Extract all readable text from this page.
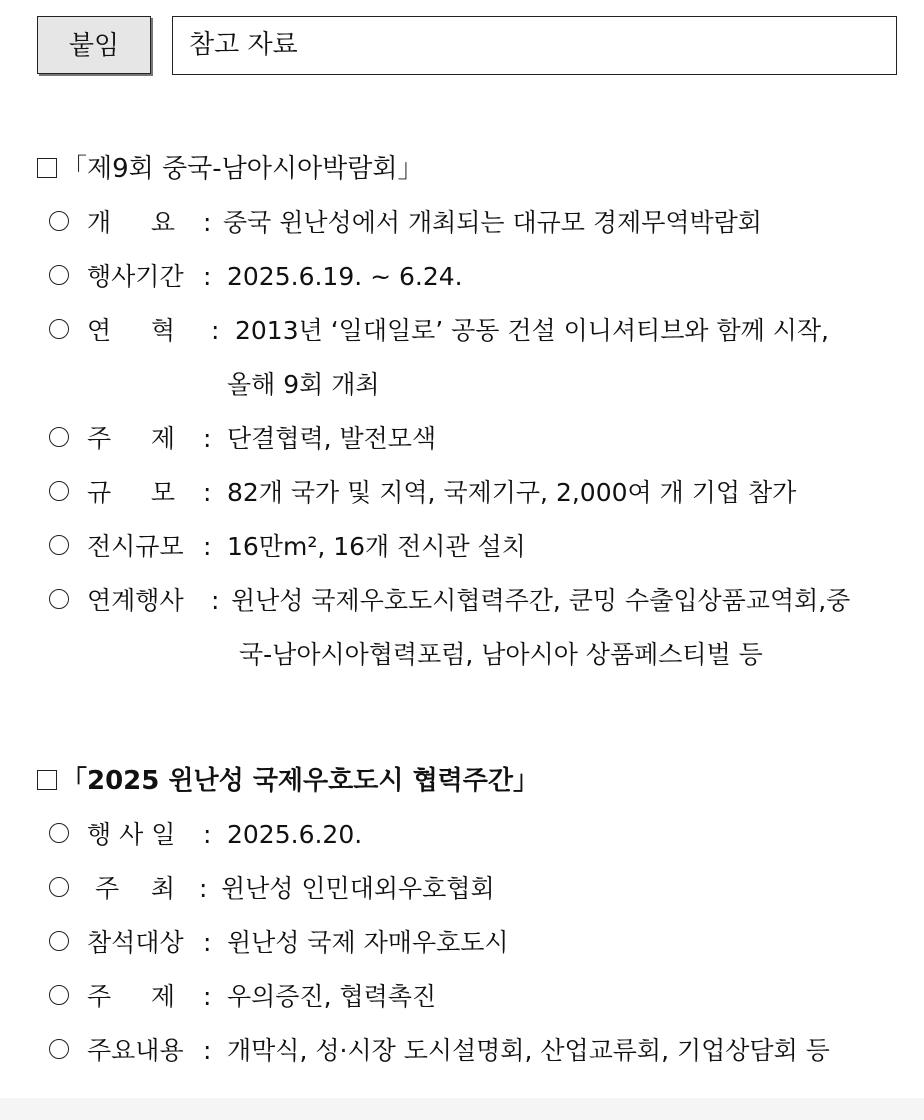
붙임	참고 자료
「제9회 중국-남아시아박람회」
개     요 : 중국 윈난성에서 개최되는 대규모 경제무역박람회
행사기간 : 2025.6.19. ~ 6.24.
연     혁 : 2013년 ‘일대일로’ 공동 건설 이니셔티브와 함께 시작,
올해 9회 개최
주     제 : 단결협력, 발전모색
규     모 : 82개 국가 및 지역, 국제기구, 2,000여 개 기업 참가
전시규모 : 16만m², 16개 전시관 설치
연계행사 : 윈난성 국제우호도시협력주간, 쿤밍 수출입상품교역회,중
국-남아시아협력포럼, 남아시아 상품페스티벌 등
「2025 윈난성 국제우호도시 협력주간」
행 사 일 : 2025.6.20.
주    최 : 윈난성 인민대외우호협회
참석대상 : 윈난성 국제 자매우호도시
주     제 : 우의증진, 협력촉진
주요내용 : 개막식, 성·시장 도시설명회, 산업교류회, 기업상담회 등
